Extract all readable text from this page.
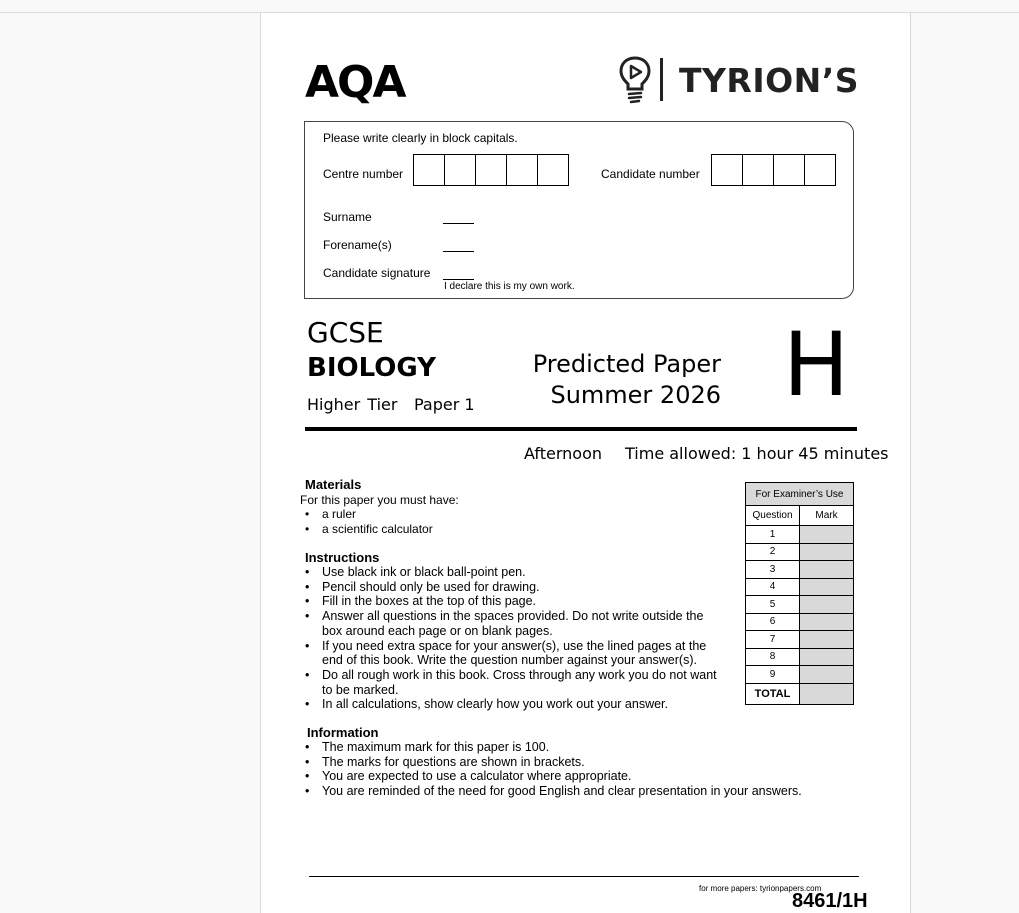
AQA	TYRION’S
Please write clearly in block capitals.
Centre number	Candidate number
Surname
Forename(s)
Candidate signature
I declare this is my own work.
GCSE
BIOLOGY
Higher Tier Paper 1
Predicted Paper
Summer 2026 H
Afternoon Time allowed: 1 hour 45 minutes
Materials
For this paper you must have:
• a ruler
• a scientific calculator
Instructions
• Use black ink or black ball-point pen.
• Pencil should only be used for drawing.
• Fill in the boxes at the top of this page.
• Answer all questions in the spaces provided. Do not write outside the box around each page or on blank pages.
• If you need extra space for your answer(s), use the lined pages at the end of this book. Write the question number against your answer(s).
• Do all rough work in this book. Cross through any work you do not want to be marked.
• In all calculations, show clearly how you work out your answer.
Information
• The maximum mark for this paper is 100.
• The marks for questions are shown in brackets.
• You are expected to use a calculator where appropriate.
• You are reminded of the need for good English and clear presentation in your answers.
For Examiner’s Use	
Question	Mark
1	
2	
3	
4	
5	
6	
7	
8	
9	
TOTAL	
for more papers: tyrionpapers.com
8461/1H
